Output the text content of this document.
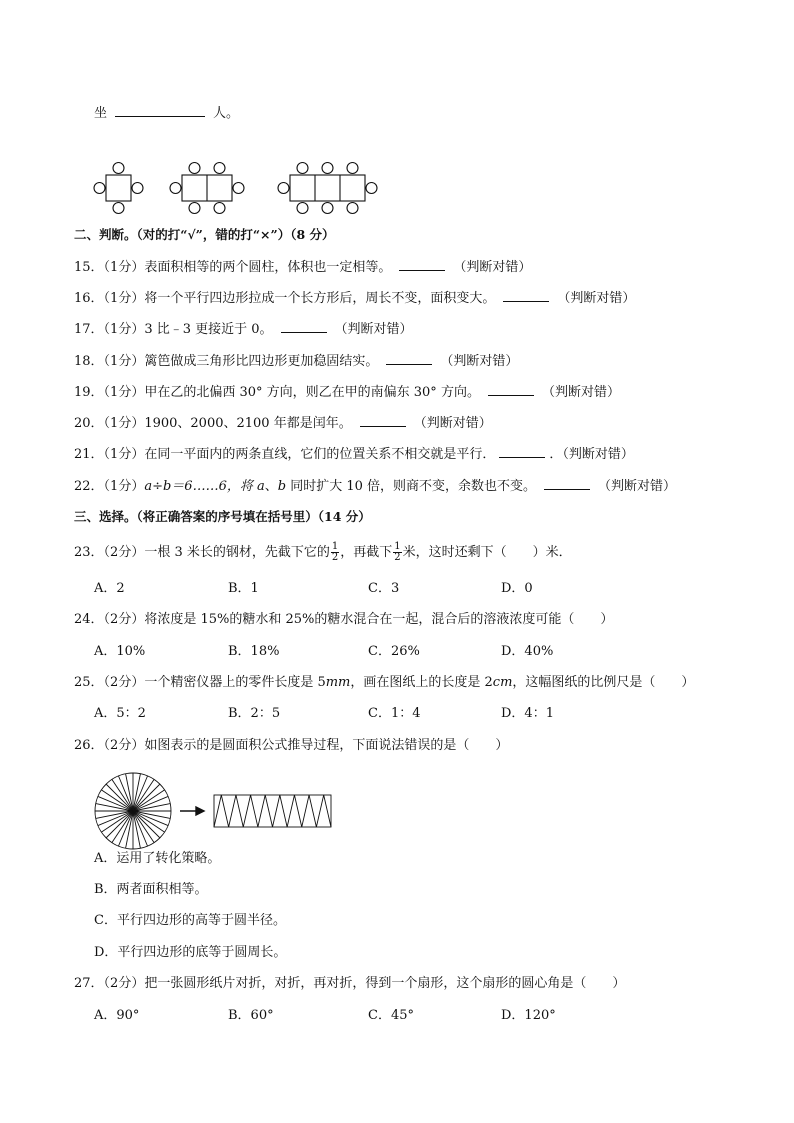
坐	人。
二、判断。（对的打“√”，错的打“×”）（8 分）
15．（1分）表面积相等的两个圆柱，体积也一定相等。	（判断对错）
16．（1分）将一个平行四边形拉成一个长方形后，周长不变，面积变大。	（判断对错）
17．（1分）3 比﹣3 更接近于 0。	（判断对错）
18．（1分）篱笆做成三角形比四边形更加稳固结实。	（判断对错）
19．（1分）甲在乙的北偏西 30° 方向，则乙在甲的南偏东 30° 方向。	（判断对错）
20．（1分）1900、2000、2100 年都是闰年。	（判断对错）
21．（1分）在同一平面内的两条直线，它们的位置关系不相交就是平行．	．（判断对错）
22．（1分）a÷b＝6……6，将 a、b 同时扩大 10 倍，则商不变，余数也不变。	（判断对错）
三、选择。（将正确答案的序号填在括号里）（14 分）
23．（2分）一根 3 米长的钢材，先截下它的 $\frac{1}{2}$ ，再截下 $\frac{1}{2}$ 米，这时还剩下（　　）米．
A．2	B．1	C．3	D．0
24．（2分）将浓度是 15%的糖水和 25%的糖水混合在一起，混合后的溶液浓度可能（　　）
A．10%	B．18%	C．26%	D．40%
25．（2分）一个精密仪器上的零件长度是 5mm，画在图纸上的长度是 2cm，这幅图纸的比例尺是（　　）
A．5：2	B．2：5	C．1：4	D．4：1
26．（2分）如图表示的是圆面积公式推导过程，下面说法错误的是（　　）
A．运用了转化策略。
B．两者面积相等。
C．平行四边形的高等于圆半径。
D．平行四边形的底等于圆周长。
27．（2分）把一张圆形纸片对折，对折，再对折，得到一个扇形，这个扇形的圆心角是（　　）
A．90°	B．60°	C．45°	D．120°
